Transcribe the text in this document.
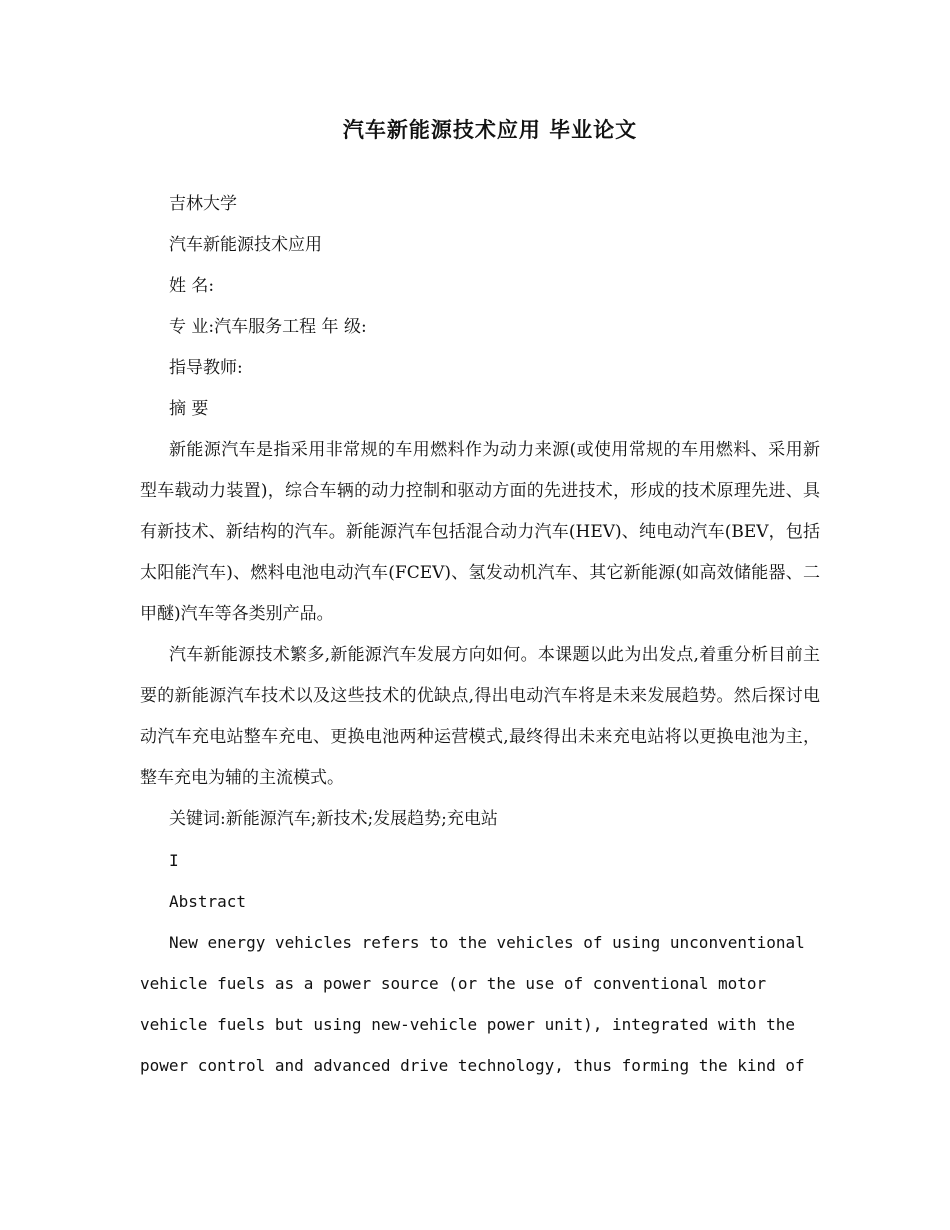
汽车新能源技术应用 毕业论文
吉林大学
汽车新能源技术应用
姓 名:
专 业:汽车服务工程 年 级:
指导教师:
摘 要
新能源汽车是指采用非常规的车用燃料作为动力来源(或使用常规的车用燃料、采用新型车载动力装置)，综合车辆的动力控制和驱动方面的先进技术，形成的技术原理先进、具有新技术、新结构的汽车。新能源汽车包括混合动力汽车(HEV)、纯电动汽车(BEV，包括太阳能汽车)、燃料电池电动汽车(FCEV)、氢发动机汽车、其它新能源(如高效储能器、二甲醚)汽车等各类别产品。
汽车新能源技术繁多,新能源汽车发展方向如何。本课题以此为出发点,着重分析目前主要的新能源汽车技术以及这些技术的优缺点,得出电动汽车将是未来发展趋势。然后探讨电动汽车充电站整车充电、更换电池两种运营模式,最终得出未来充电站将以更换电池为主，整车充电为辅的主流模式。
关键词:新能源汽车;新技术;发展趋势;充电站
I
Abstract
New energy vehicles refers to the vehicles of using unconventional vehicle fuels as a power source (or the use of conventional motor vehicle fuels but using new-vehicle power unit), integrated with the power control and advanced drive technology, thus forming the kind of
